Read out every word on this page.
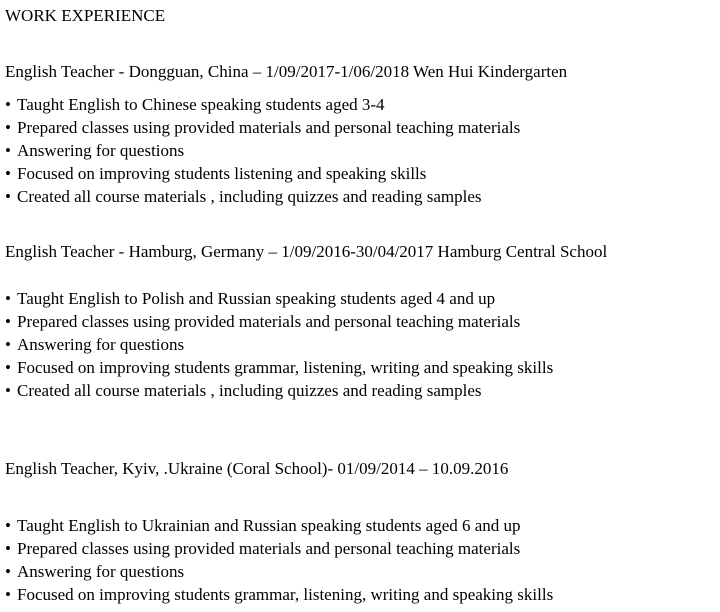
WORK EXPERIENCE
English Teacher - Dongguan, China – 1/09/2017-1/06/2018 Wen Hui Kindergarten
• Taught English to Chinese speaking students aged 3-4
• Prepared classes using provided materials and personal teaching materials
• Answering for questions
• Focused on improving students listening and speaking skills
• Created all course materials , including quizzes and reading samples
English Teacher - Hamburg, Germany – 1/09/2016-30/04/2017 Hamburg Central School
• Taught English to Polish and Russian speaking students aged 4 and up
• Prepared classes using provided materials and personal teaching materials
• Answering for questions
• Focused on improving students grammar, listening, writing and speaking skills
• Created all course materials , including quizzes and reading samples
English Teacher, Kyiv, .Ukraine (Coral School)- 01/09/2014 – 10.09.2016
• Taught English to Ukrainian and Russian speaking students aged 6 and up
• Prepared classes using provided materials and personal teaching materials
• Answering for questions
• Focused on improving students grammar, listening, writing and speaking skills
